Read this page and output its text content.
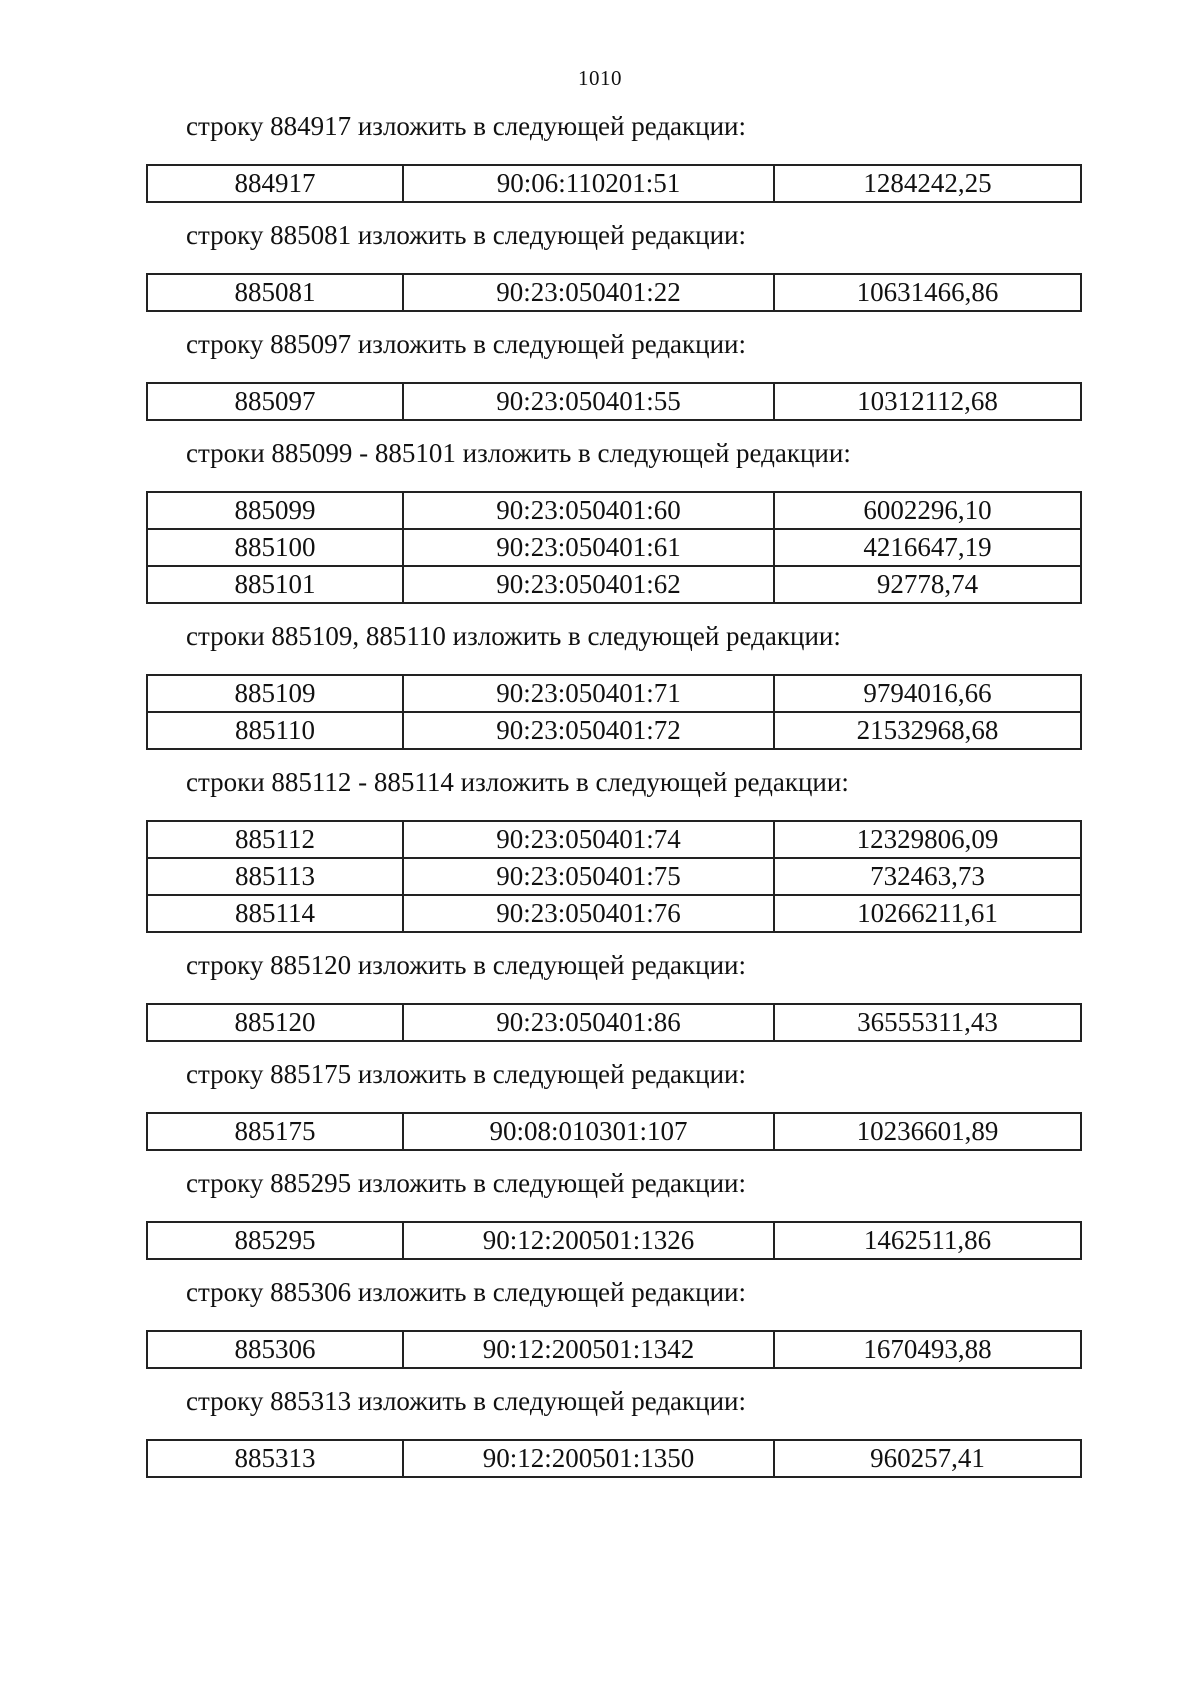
1010

строку 884917 изложить в следующей редакции:

884917	90:06:110201:51	1284242,25

строку 885081 изложить в следующей редакции:

885081	90:23:050401:22	10631466,86

строку 885097 изложить в следующей редакции:

885097	90:23:050401:55	10312112,68

строки 885099 - 885101 изложить в следующей редакции:

885099	90:23:050401:60	6002296,10
885100	90:23:050401:61	4216647,19
885101	90:23:050401:62	92778,74

строки 885109, 885110 изложить в следующей редакции:

885109	90:23:050401:71	9794016,66
885110	90:23:050401:72	21532968,68

строки 885112 - 885114 изложить в следующей редакции:

885112	90:23:050401:74	12329806,09
885113	90:23:050401:75	732463,73
885114	90:23:050401:76	10266211,61

строку 885120 изложить в следующей редакции:

885120	90:23:050401:86	36555311,43

строку 885175 изложить в следующей редакции:

885175	90:08:010301:107	10236601,89

строку 885295 изложить в следующей редакции:

885295	90:12:200501:1326	1462511,86

строку 885306 изложить в следующей редакции:

885306	90:12:200501:1342	1670493,88

строку 885313 изложить в следующей редакции:

885313	90:12:200501:1350	960257,41
